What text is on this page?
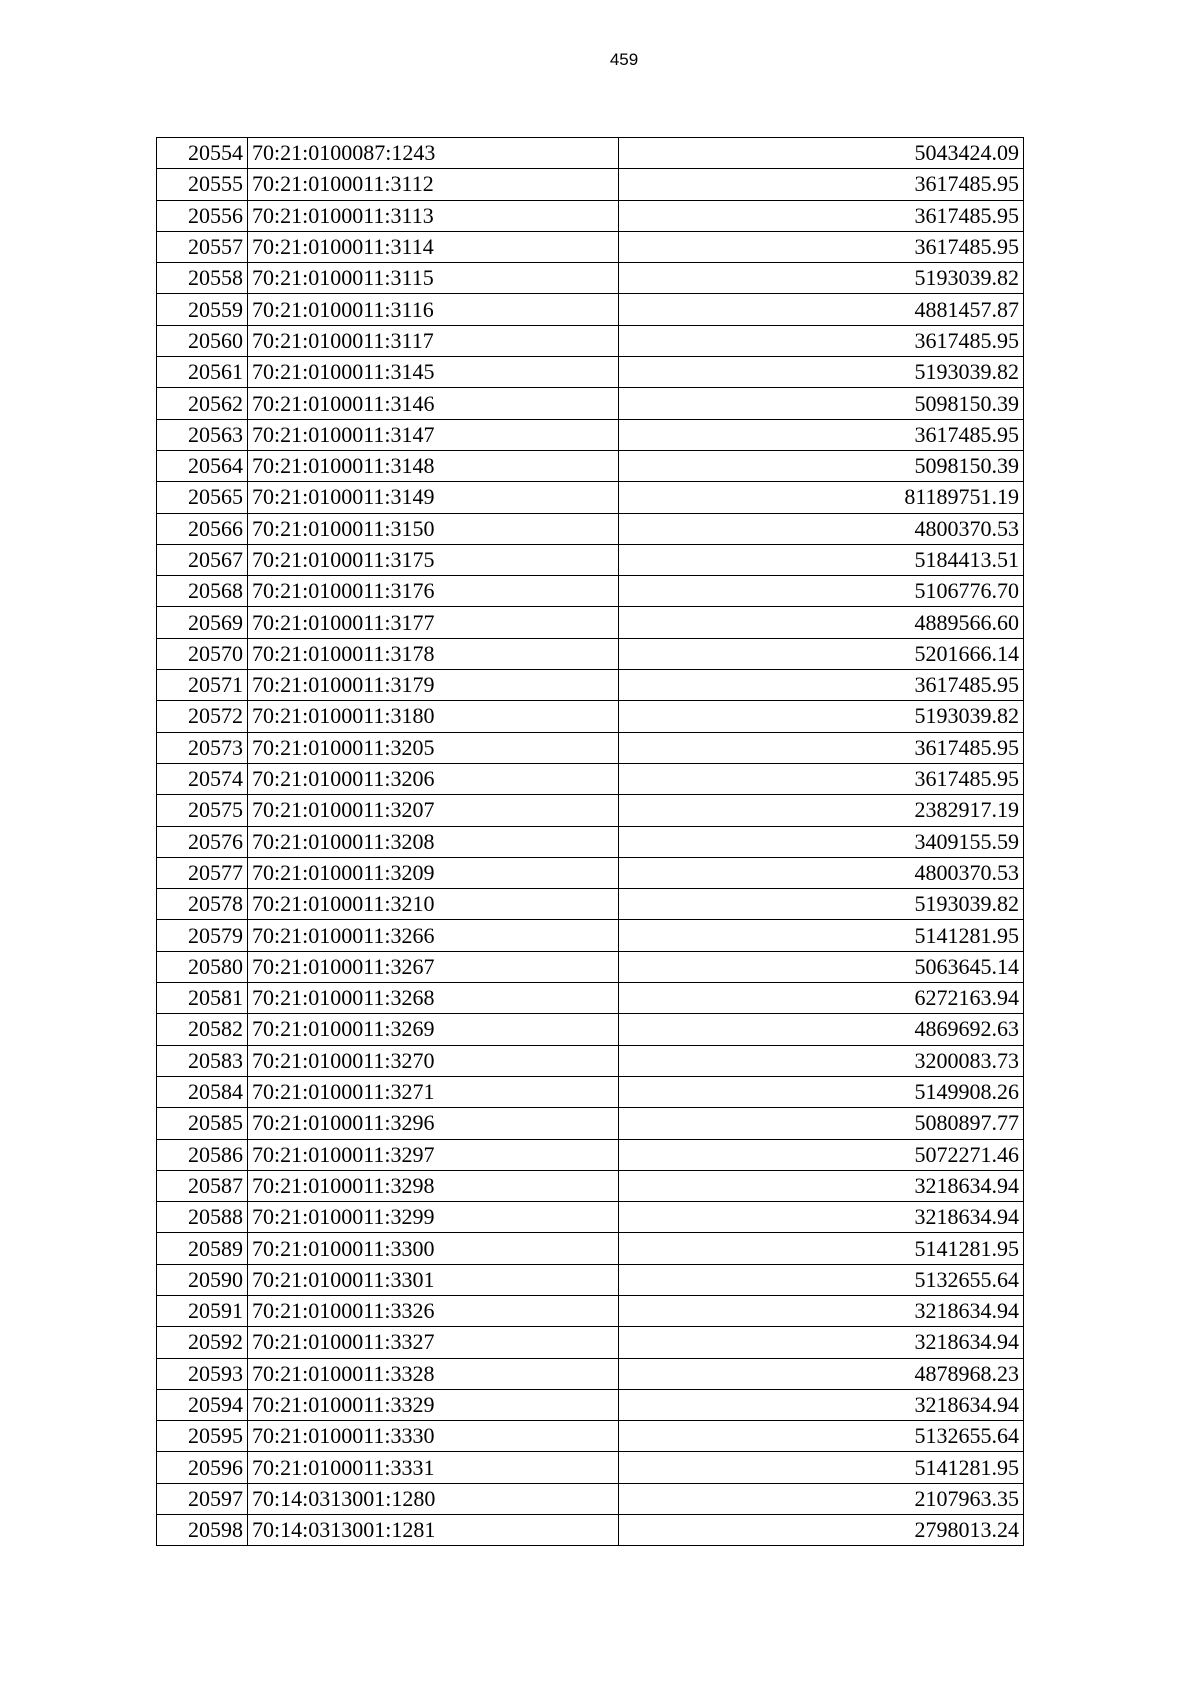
459
20554	70:21:0100087:1243	5043424.09
20555	70:21:0100011:3112	3617485.95
20556	70:21:0100011:3113	3617485.95
20557	70:21:0100011:3114	3617485.95
20558	70:21:0100011:3115	5193039.82
20559	70:21:0100011:3116	4881457.87
20560	70:21:0100011:3117	3617485.95
20561	70:21:0100011:3145	5193039.82
20562	70:21:0100011:3146	5098150.39
20563	70:21:0100011:3147	3617485.95
20564	70:21:0100011:3148	5098150.39
20565	70:21:0100011:3149	81189751.19
20566	70:21:0100011:3150	4800370.53
20567	70:21:0100011:3175	5184413.51
20568	70:21:0100011:3176	5106776.70
20569	70:21:0100011:3177	4889566.60
20570	70:21:0100011:3178	5201666.14
20571	70:21:0100011:3179	3617485.95
20572	70:21:0100011:3180	5193039.82
20573	70:21:0100011:3205	3617485.95
20574	70:21:0100011:3206	3617485.95
20575	70:21:0100011:3207	2382917.19
20576	70:21:0100011:3208	3409155.59
20577	70:21:0100011:3209	4800370.53
20578	70:21:0100011:3210	5193039.82
20579	70:21:0100011:3266	5141281.95
20580	70:21:0100011:3267	5063645.14
20581	70:21:0100011:3268	6272163.94
20582	70:21:0100011:3269	4869692.63
20583	70:21:0100011:3270	3200083.73
20584	70:21:0100011:3271	5149908.26
20585	70:21:0100011:3296	5080897.77
20586	70:21:0100011:3297	5072271.46
20587	70:21:0100011:3298	3218634.94
20588	70:21:0100011:3299	3218634.94
20589	70:21:0100011:3300	5141281.95
20590	70:21:0100011:3301	5132655.64
20591	70:21:0100011:3326	3218634.94
20592	70:21:0100011:3327	3218634.94
20593	70:21:0100011:3328	4878968.23
20594	70:21:0100011:3329	3218634.94
20595	70:21:0100011:3330	5132655.64
20596	70:21:0100011:3331	5141281.95
20597	70:14:0313001:1280	2107963.35
20598	70:14:0313001:1281	2798013.24
